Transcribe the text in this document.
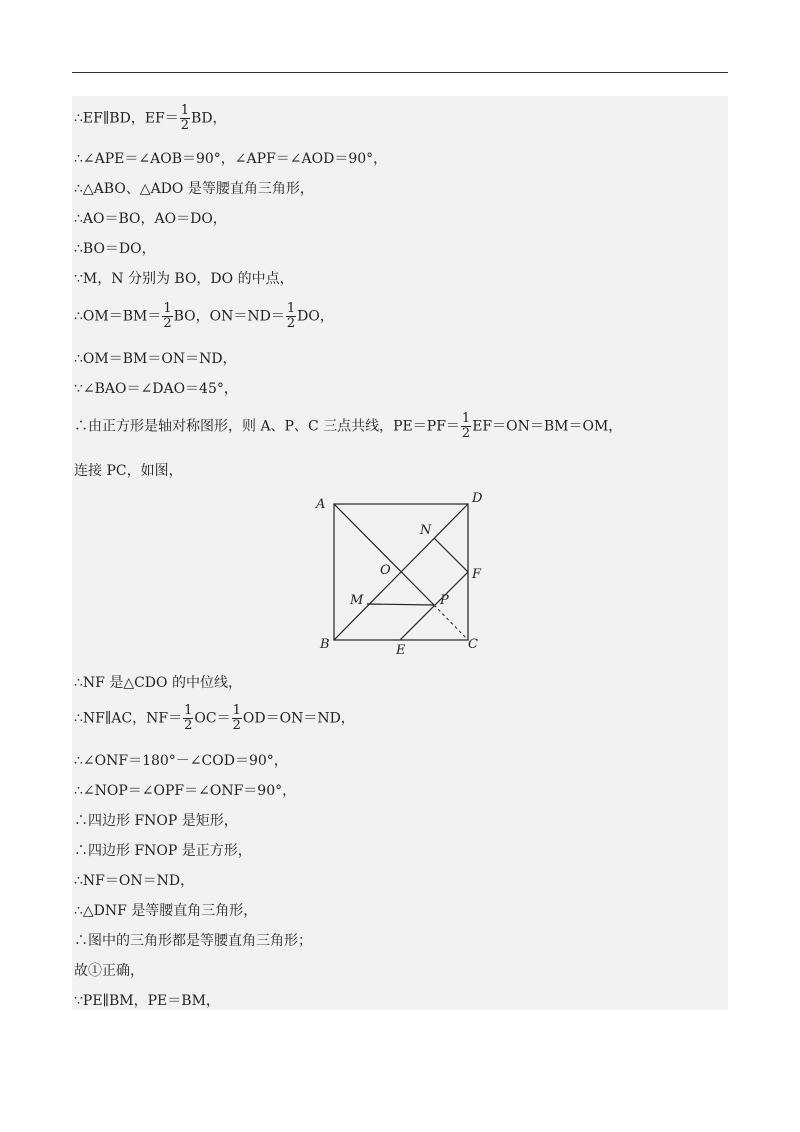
∴EF∥BD，$EF= \frac{1}{2}$ BD，
∴∠APE＝∠AOB＝90°，∠APF＝∠AOD＝90°，
∴△ABO、△ADO 是等腰直角三角形，
∴AO＝BO，AO＝DO，
∴BO＝DO，
∵M，N 分别为 BO，DO 的中点，
∴OM＝BM＝ $\frac{1}{2}$ BO，$ON=ND= \frac{1}{2}$ DO，
∴OM＝BM＝ON＝ND，
∵∠BAO＝∠DAO＝45°，
∴由正方形是轴对称图形，则 A、P、C 三点共线，$PE=PF= \frac{1}{2} EF=ON=BM=OM$，
连接 PC，如图，
∴NF 是△CDO 的中位线，
∴NF∥AC，$NF= \frac{1}{2} OC= \frac{1}{2} OD=ON=ND$，
∴∠ONF＝180°－∠COD＝90°，
∴∠NOP＝∠OPF＝∠ONF＝90°，
∴四边形 FNOP 是矩形，
∴四边形 FNOP 是正方形，
∴NF＝ON＝ND，
∴△DNF 是等腰直角三角形，
∴图中的三角形都是等腰直角三角形；
故①正确，
∵PE∥BM，PE＝BM，
A	D
N
O	F
M	P
B	E	C
